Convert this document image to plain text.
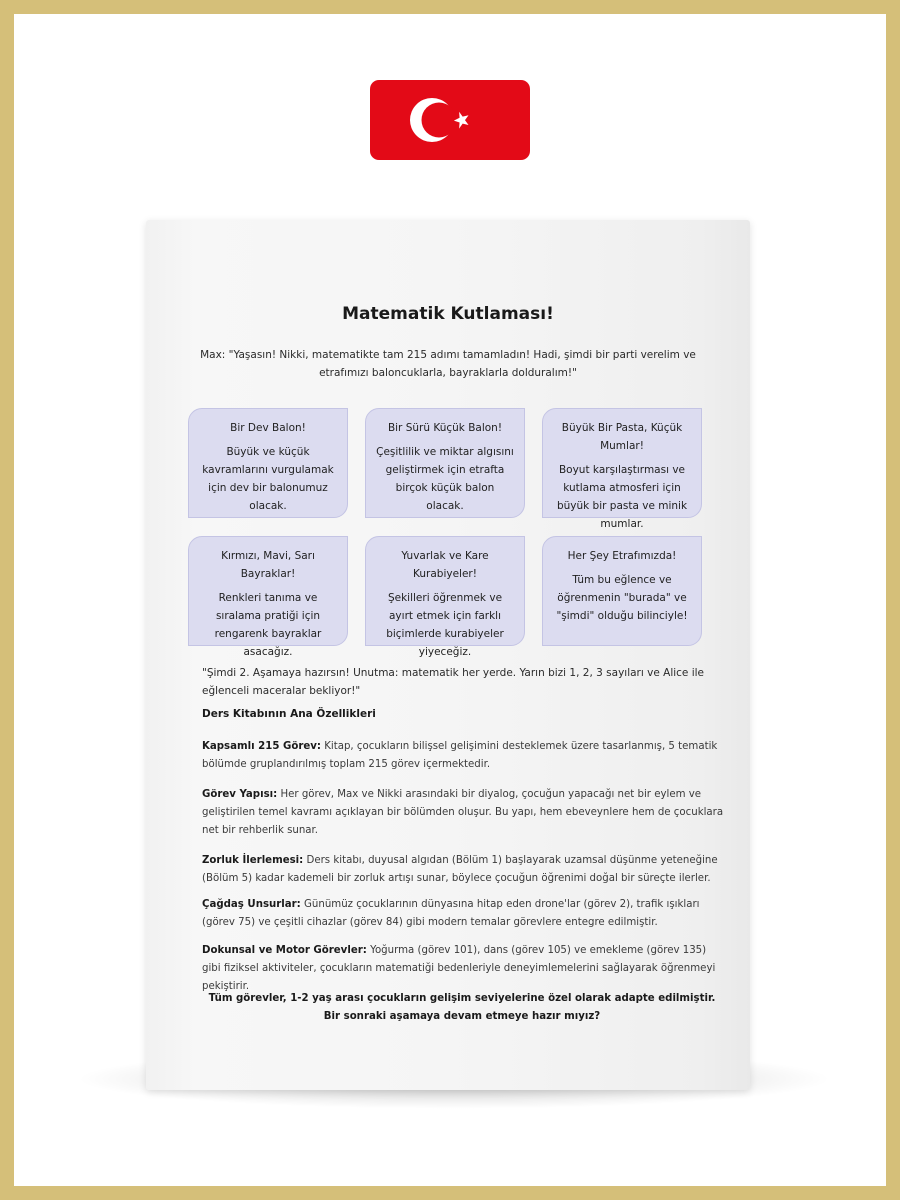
Matematik Kutlaması!

Max: "Yaşasın! Nikki, matematikte tam 215 adımı tamamladın! Hadi, şimdi bir parti verelim ve etrafımızı baloncuklarla, bayraklarla dolduralım!"

Bir Dev Balon!
Büyük ve küçük kavramlarını vurgulamak için dev bir balonumuz olacak.
Bir Sürü Küçük Balon!
Çeşitlilik ve miktar algısını geliştirmek için etrafta birçok küçük balon olacak.
Büyük Bir Pasta, Küçük Mumlar!
Boyut karşılaştırması ve kutlama atmosferi için büyük bir pasta ve minik mumlar.
Kırmızı, Mavi, Sarı Bayraklar!
Renkleri tanıma ve sıralama pratiği için rengarenk bayraklar asacağız.
Yuvarlak ve Kare Kurabiyeler!
Şekilleri öğrenmek ve ayırt etmek için farklı biçimlerde kurabiyeler yiyeceğiz.
Her Şey Etrafımızda!
Tüm bu eğlence ve öğrenmenin "burada" ve "şimdi" olduğu bilinciyle!

"Şimdi 2. Aşamaya hazırsın! Unutma: matematik her yerde. Yarın bizi 1, 2, 3 sayıları ve Alice ile eğlenceli maceralar bekliyor!"

Ders Kitabının Ana Özellikleri

Kapsamlı 215 Görev: Kitap, çocukların bilişsel gelişimini desteklemek üzere tasarlanmış, 5 tematik bölümde gruplandırılmış toplam 215 görev içermektedir.

Görev Yapısı: Her görev, Max ve Nikki arasındaki bir diyalog, çocuğun yapacağı net bir eylem ve geliştirilen temel kavramı açıklayan bir bölümden oluşur. Bu yapı, hem ebeveynlere hem de çocuklara net bir rehberlik sunar.

Zorluk İlerlemesi: Ders kitabı, duyusal algıdan (Bölüm 1) başlayarak uzamsal düşünme yeteneğine (Bölüm 5) kadar kademeli bir zorluk artışı sunar, böylece çocuğun öğrenimi doğal bir süreçte ilerler.

Çağdaş Unsurlar: Günümüz çocuklarının dünyasına hitap eden drone'lar (görev 2), trafik ışıkları (görev 75) ve çeşitli cihazlar (görev 84) gibi modern temalar görevlere entegre edilmiştir.

Dokunsal ve Motor Görevler: Yoğurma (görev 101), dans (görev 105) ve emekleme (görev 135) gibi fiziksel aktiviteler, çocukların matematiği bedenleriyle deneyimlemelerini sağlayarak öğrenmeyi pekiştirir.

Tüm görevler, 1-2 yaş arası çocukların gelişim seviyelerine özel olarak adapte edilmiştir. Bir sonraki aşamaya devam etmeye hazır mıyız?
